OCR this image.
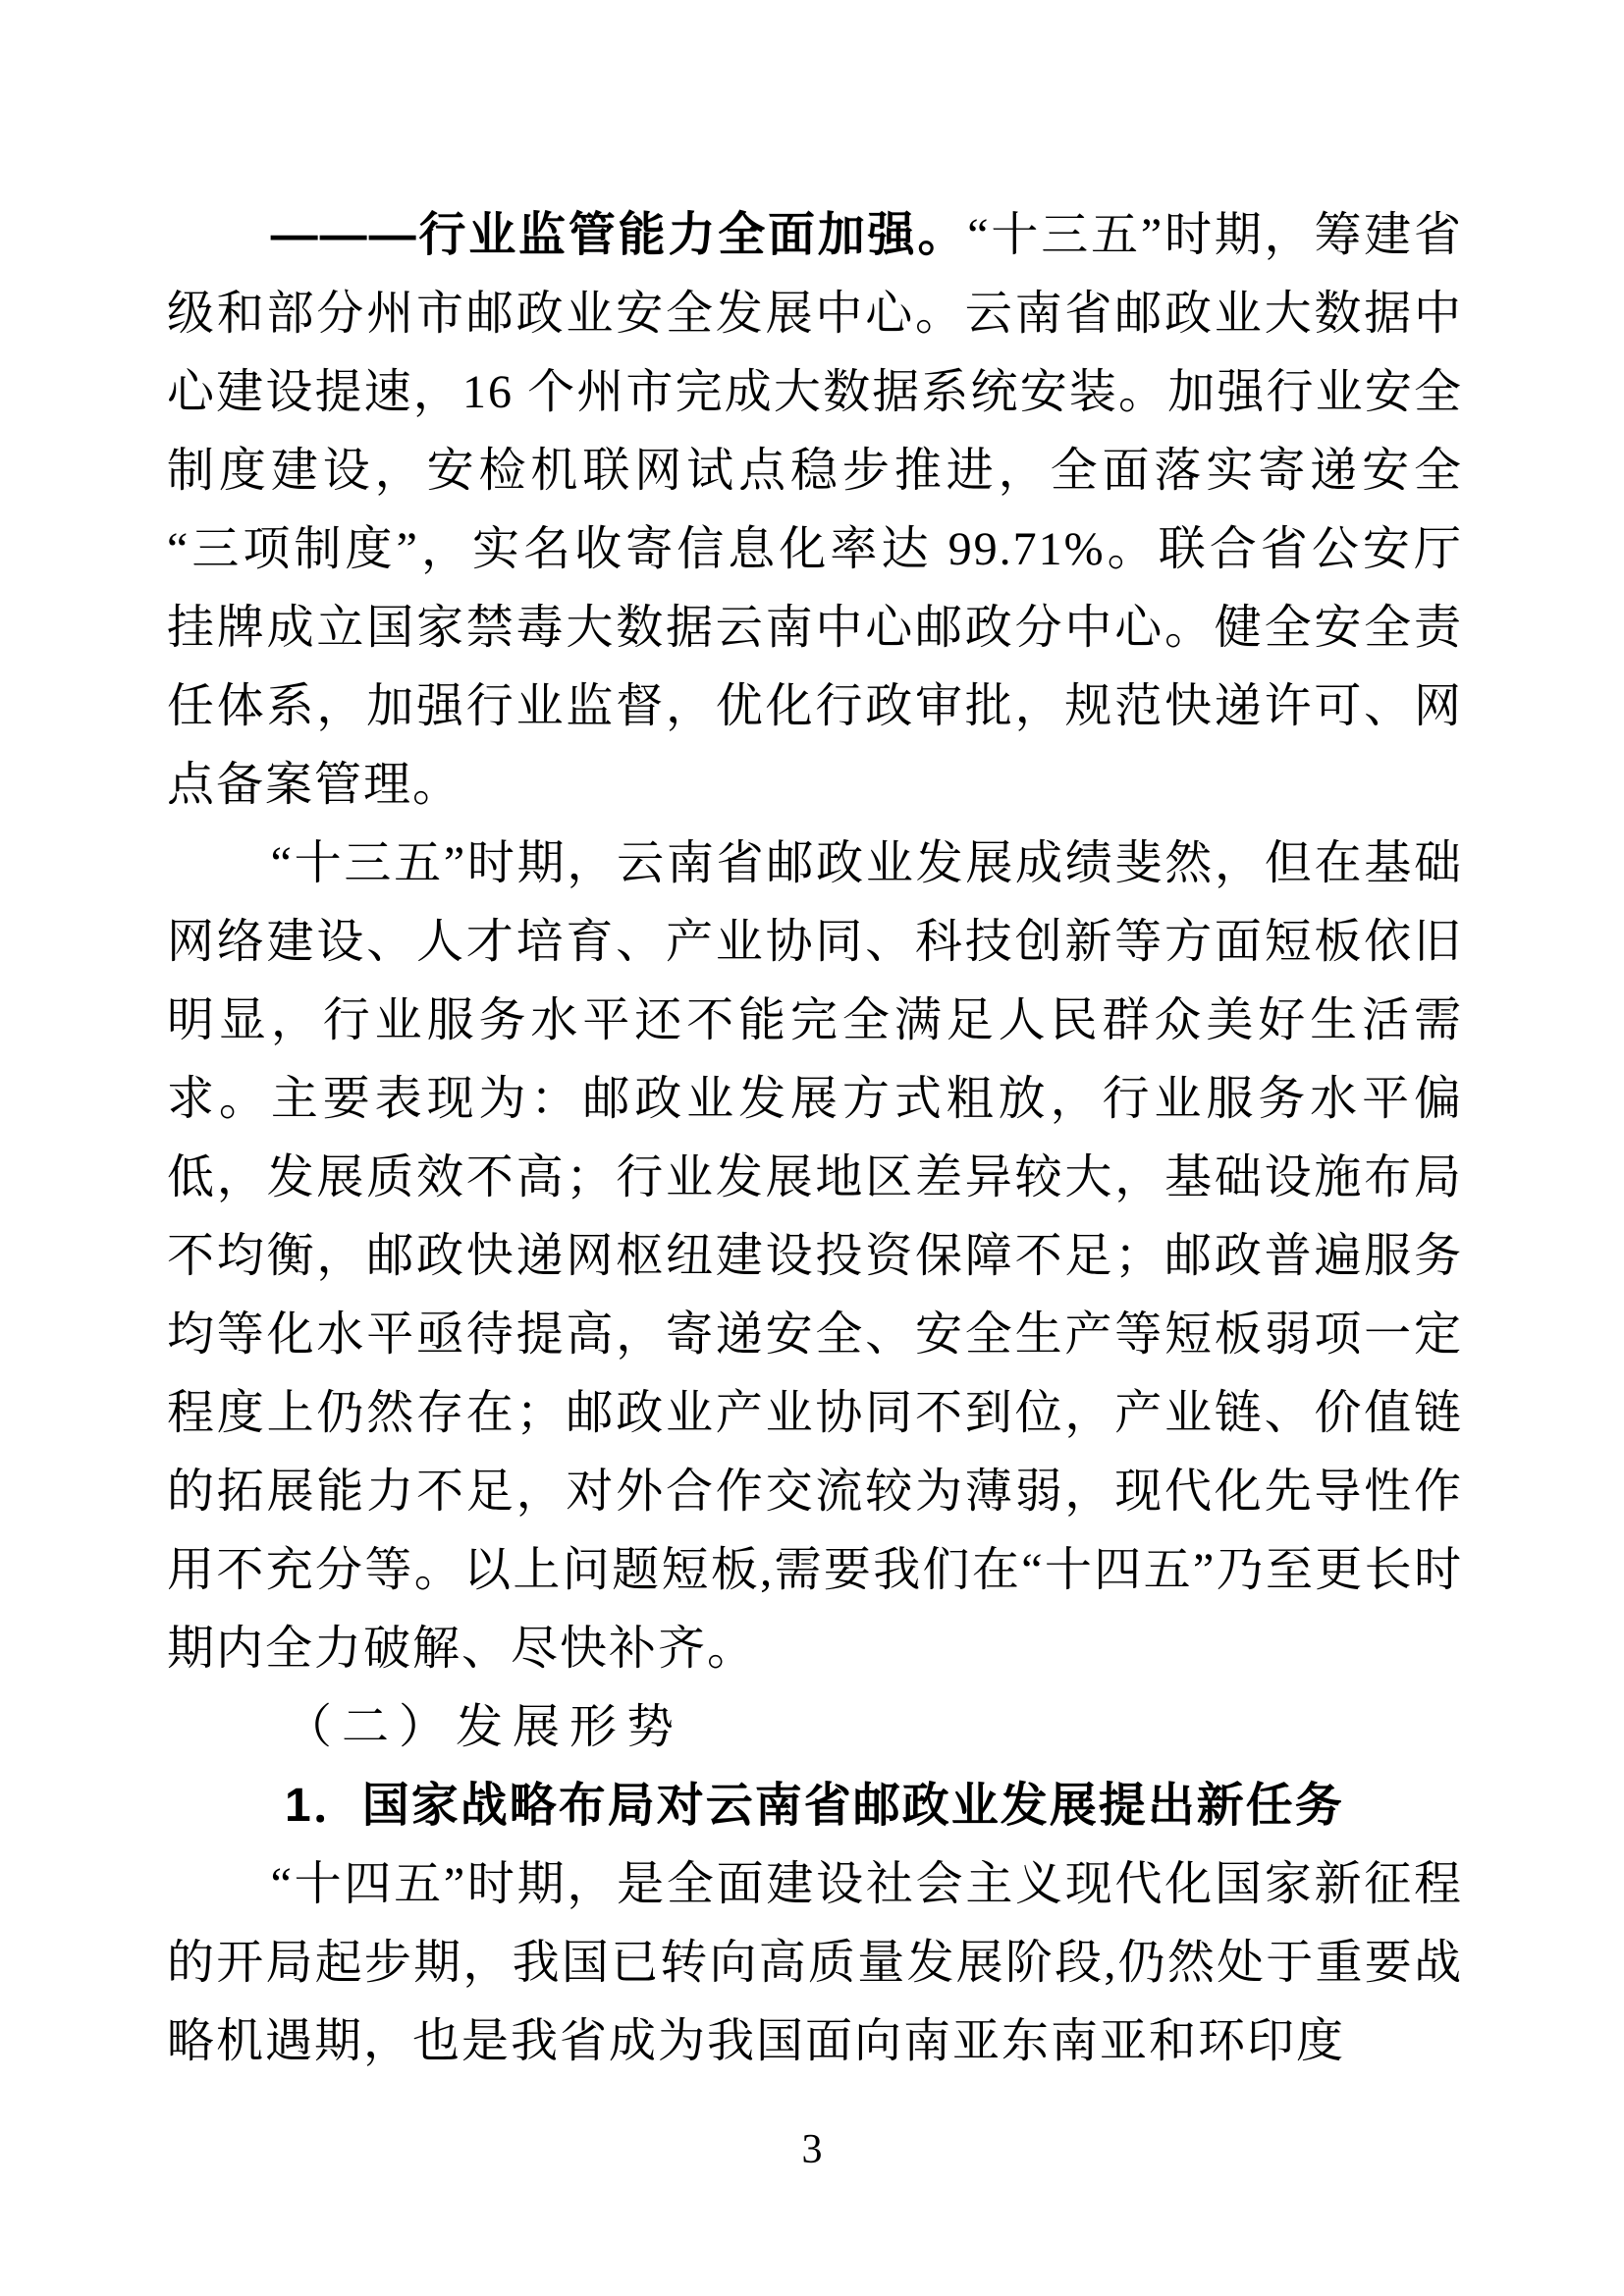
———行业监管能力全面加强。“十三五”时期，筹建省级和部分州市邮政业安全发展中心。云南省邮政业大数据中心建设提速，16 个州市完成大数据系统安装。加强行业安全制度建设，安检机联网试点稳步推进，全面落实寄递安全“三项制度”，实名收寄信息化率达 99.71%。联合省公安厅挂牌成立国家禁毒大数据云南中心邮政分中心。健全安全责任体系，加强行业监督，优化行政审批，规范快递许可、网点备案管理。

“十三五”时期，云南省邮政业发展成绩斐然，但在基础网络建设、人才培育、产业协同、科技创新等方面短板依旧明显，行业服务水平还不能完全满足人民群众美好生活需求。主要表现为：邮政业发展方式粗放，行业服务水平偏低，发展质效不高；行业发展地区差异较大，基础设施布局不均衡，邮政快递网枢纽建设投资保障不足；邮政普遍服务均等化水平亟待提高，寄递安全、安全生产等短板弱项一定程度上仍然存在；邮政业产业协同不到位，产业链、价值链的拓展能力不足，对外合作交流较为薄弱，现代化先导性作用不充分等。以上问题短板,需要我们在“十四五”乃至更长时期内全力破解、尽快补齐。

（二）发展形势

1．国家战略布局对云南省邮政业发展提出新任务

“十四五”时期，是全面建设社会主义现代化国家新征程的开局起步期，我国已转向高质量发展阶段,仍然处于重要战略机遇期，也是我省成为我国面向南亚东南亚和环印度

3
